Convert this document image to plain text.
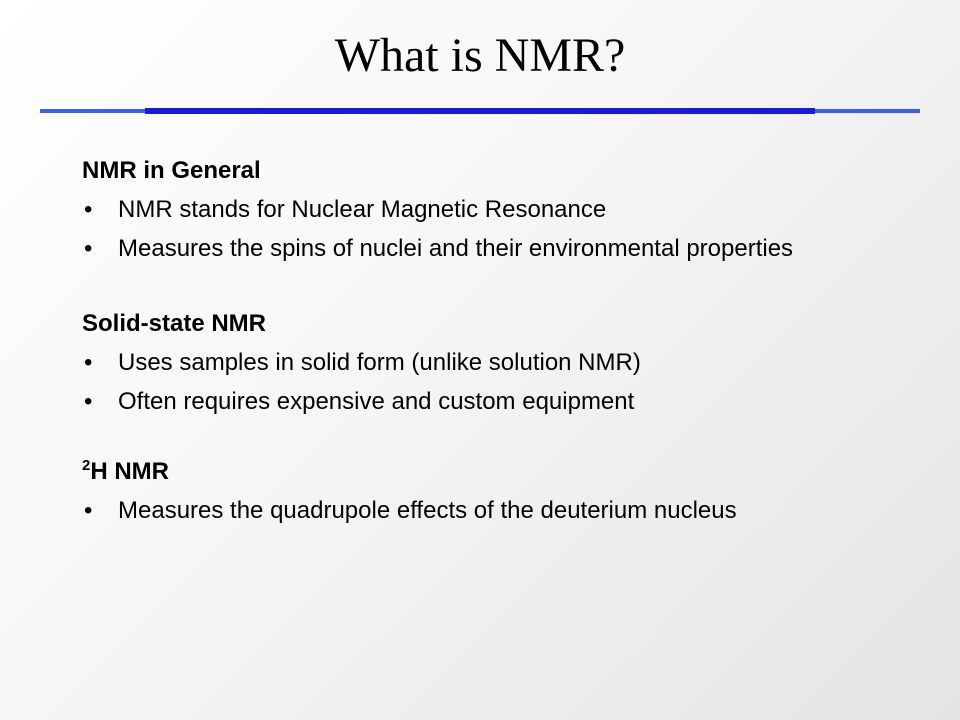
What is NMR?
NMR in General
• NMR stands for Nuclear Magnetic Resonance
• Measures the spins of nuclei and their environmental properties
Solid-state NMR
• Uses samples in solid form (unlike solution NMR)
• Often requires expensive and custom equipment
$^2$H NMR
• Measures the quadrupole effects of the deuterium nucleus
